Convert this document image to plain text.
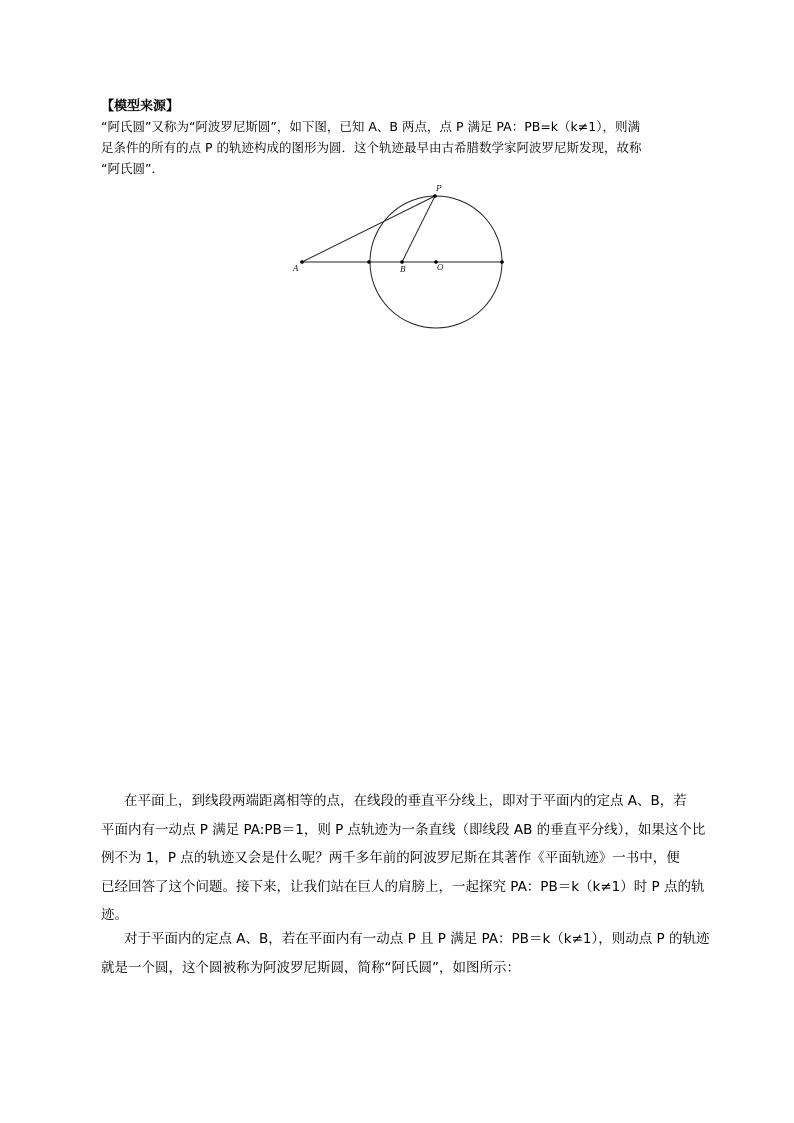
【模型来源】

“阿氏圆”又称为“阿波罗尼斯圆”，如下图，已知 A、B 两点，点 P 满足 PA：PB=k（k≠1），则满
足条件的所有的点 P 的轨迹构成的图形为圆．这个轨迹最早由古希腊数学家阿波罗尼斯发现，故称
“阿氏圆”．

A	B	O
P

在平面上，到线段两端距离相等的点，在线段的垂直平分线上，即对于平面内的定点 A、B，若
平面内有一动点 P 满足 PA:PB＝1，则 P 点轨迹为一条直线（即线段 AB 的垂直平分线），如果这个比
例不为 1，P 点的轨迹又会是什么呢？两千多年前的阿波罗尼斯在其著作《平面轨迹》一书中，便
已经回答了这个问题。接下来，让我们站在巨人的肩膀上，一起探究 PA：PB＝k（k≠1）时 P 点的轨
迹。

对于平面内的定点 A、B，若在平面内有一动点 P 且 P 满足 PA：PB＝k（k≠1），则动点 P 的轨迹
就是一个圆，这个圆被称为阿波罗尼斯圆，简称“阿氏圆”，如图所示：
